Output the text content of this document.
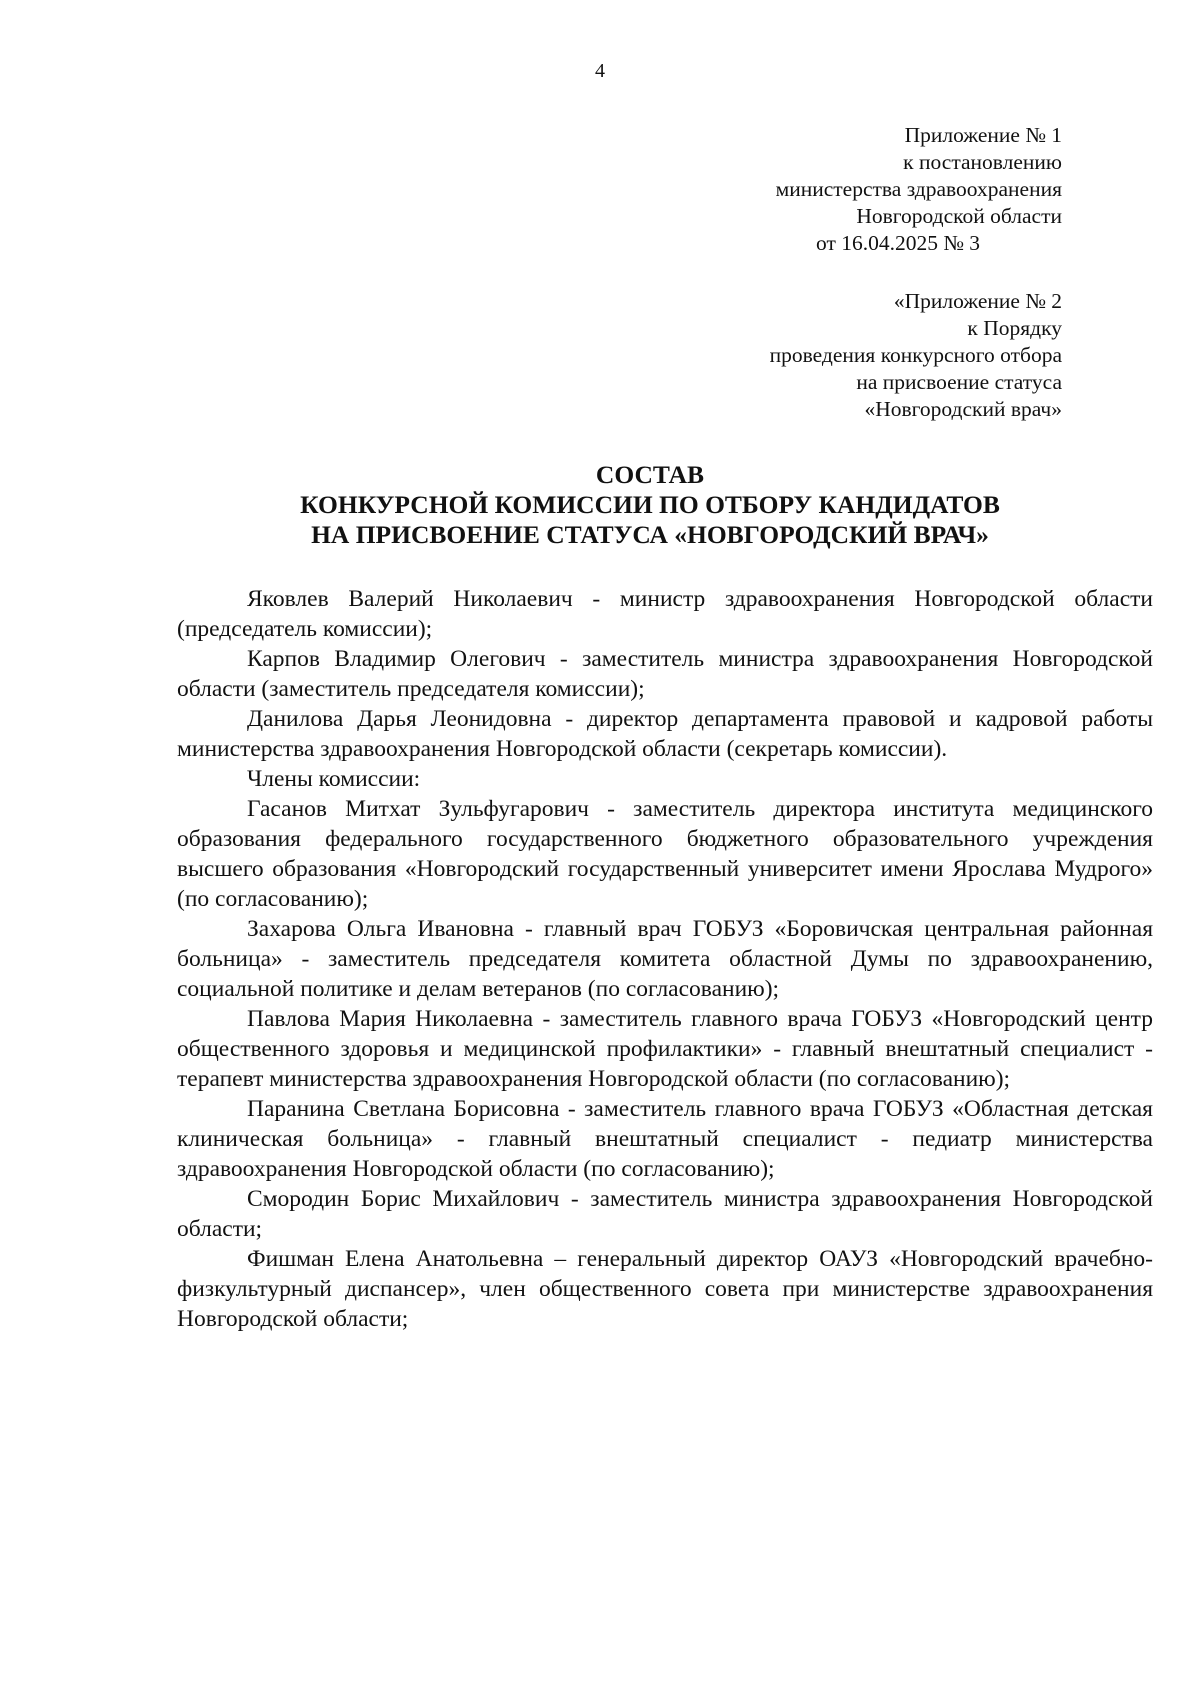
4
Приложение № 1
к постановлению
министерства здравоохранения
Новгородской области
от 16.04.2025 № 3
«Приложение № 2
к Порядку
проведения конкурсного отбора
на присвоение статуса
«Новгородский врач»
СОСТАВ
КОНКУРСНОЙ КОМИССИИ ПО ОТБОРУ КАНДИДАТОВ
НА ПРИСВОЕНИЕ СТАТУСА «НОВГОРОДСКИЙ ВРАЧ»

Яковлев Валерий Николаевич - министр здравоохранения Новгородской области (председатель комиссии);

Карпов Владимир Олегович - заместитель министра здравоохранения Новгородской области (заместитель председателя комиссии);

Данилова Дарья Леонидовна - директор департамента правовой и кадровой работы министерства здравоохранения Новгородской области (секретарь комиссии).

Члены комиссии:

Гасанов Митхат Зульфугарович - заместитель директора института медицинского образования федерального государственного бюджетного образовательного учреждения высшего образования «Новгородский государственный университет имени Ярослава Мудрого» (по согласованию);

Захарова Ольга Ивановна - главный врач ГОБУЗ «Боровичская центральная районная больница» - заместитель председателя комитета областной Думы по здравоохранению, социальной политике и делам ветеранов (по согласованию);

Павлова Мария Николаевна - заместитель главного врача ГОБУЗ «Новгородский центр общественного здоровья и медицинской профилактики» - главный внештатный специалист - терапевт министерства здравоохранения Новгородской области (по согласованию);

Паранина Светлана Борисовна - заместитель главного врача ГОБУЗ «Областная детская клиническая больница» - главный внештатный специалист - педиатр министерства здравоохранения Новгородской области (по согласованию);

Смородин Борис Михайлович - заместитель министра здравоохранения Новгородской области;

Фишман Елена Анатольевна – генеральный директор ОАУЗ «Новгородский врачебно-физкультурный диспансер», член общественного совета при министерстве здравоохранения Новгородской области;
